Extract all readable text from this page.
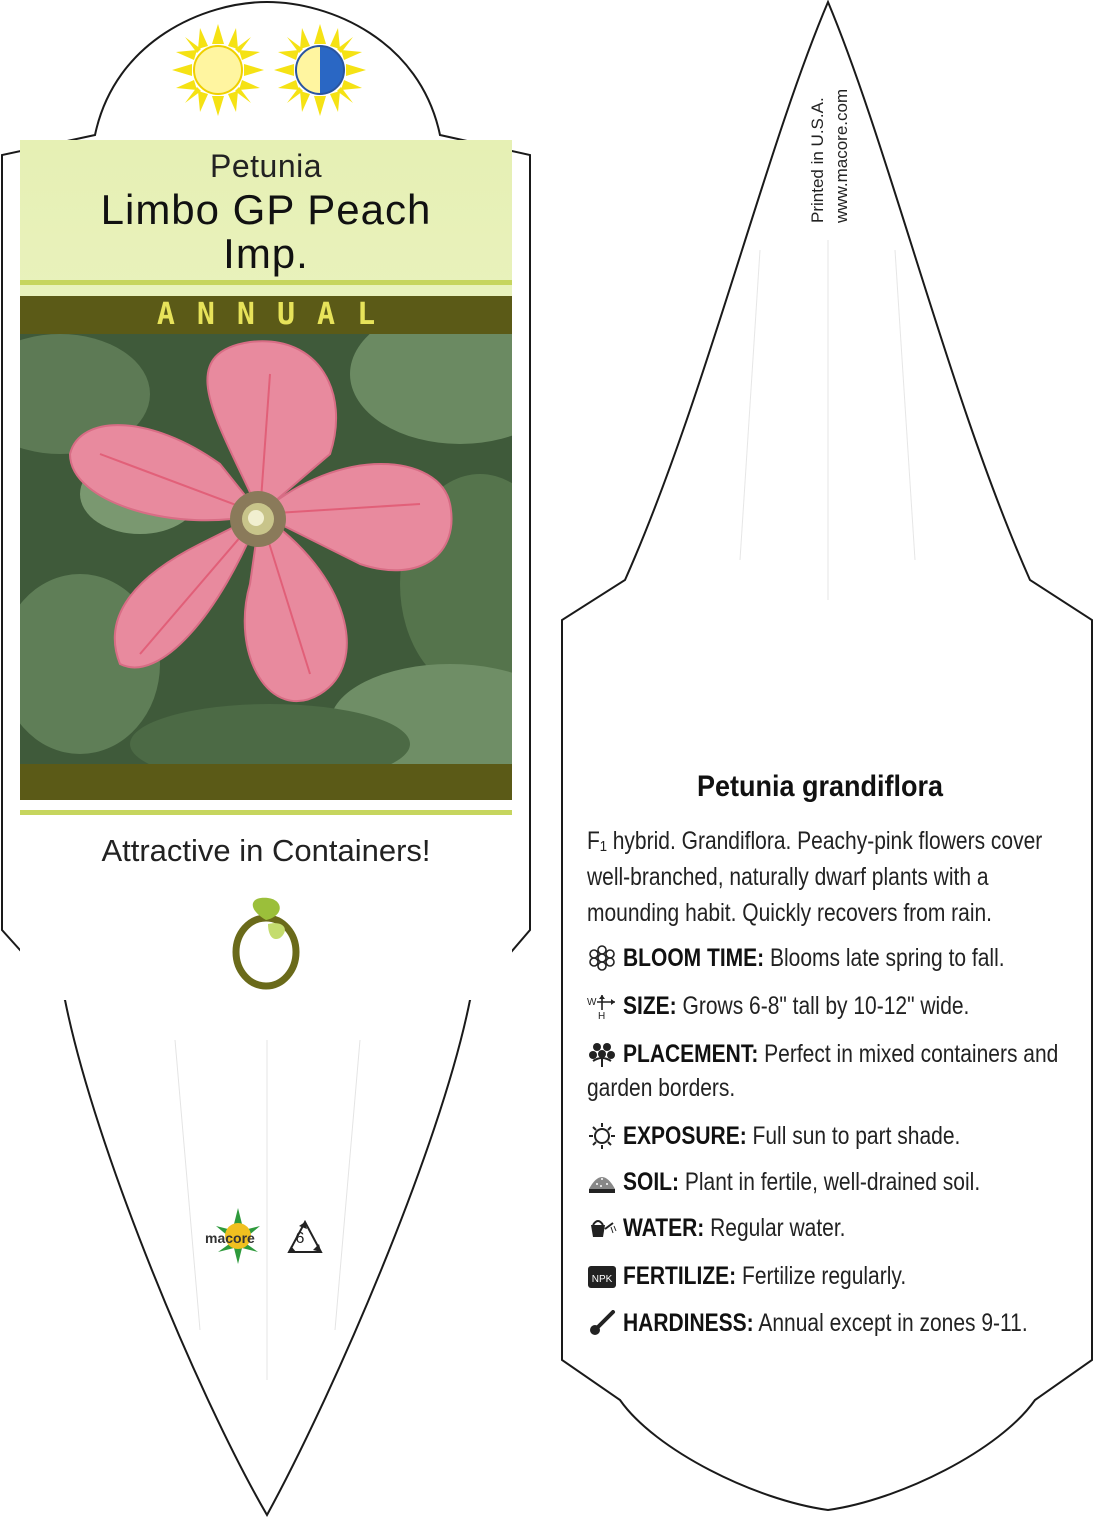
Petunia
Limbo GP Peach
Imp.
ANNUAL
Attractive in Containers!
macore	6
Printed in U.S.A. www.macore.com
Petunia grandiflora
F₁ hybrid. Grandiflora. Peachy-pink flowers cover
well-branched, naturally dwarf plants with a
mounding habit. Quickly recovers from rain.
BLOOM TIME: Blooms late spring to fall.
W
H SIZE: Grows 6-8" tall by 10-12" wide.
PLACEMENT: Perfect in mixed containers and
garden borders.
EXPOSURE: Full sun to part shade.
SOIL: Plant in fertile, well-drained soil.
WATER: Regular water.
NPK FERTILIZE: Fertilize regularly.
HARDINESS: Annual except in zones 9-11.
